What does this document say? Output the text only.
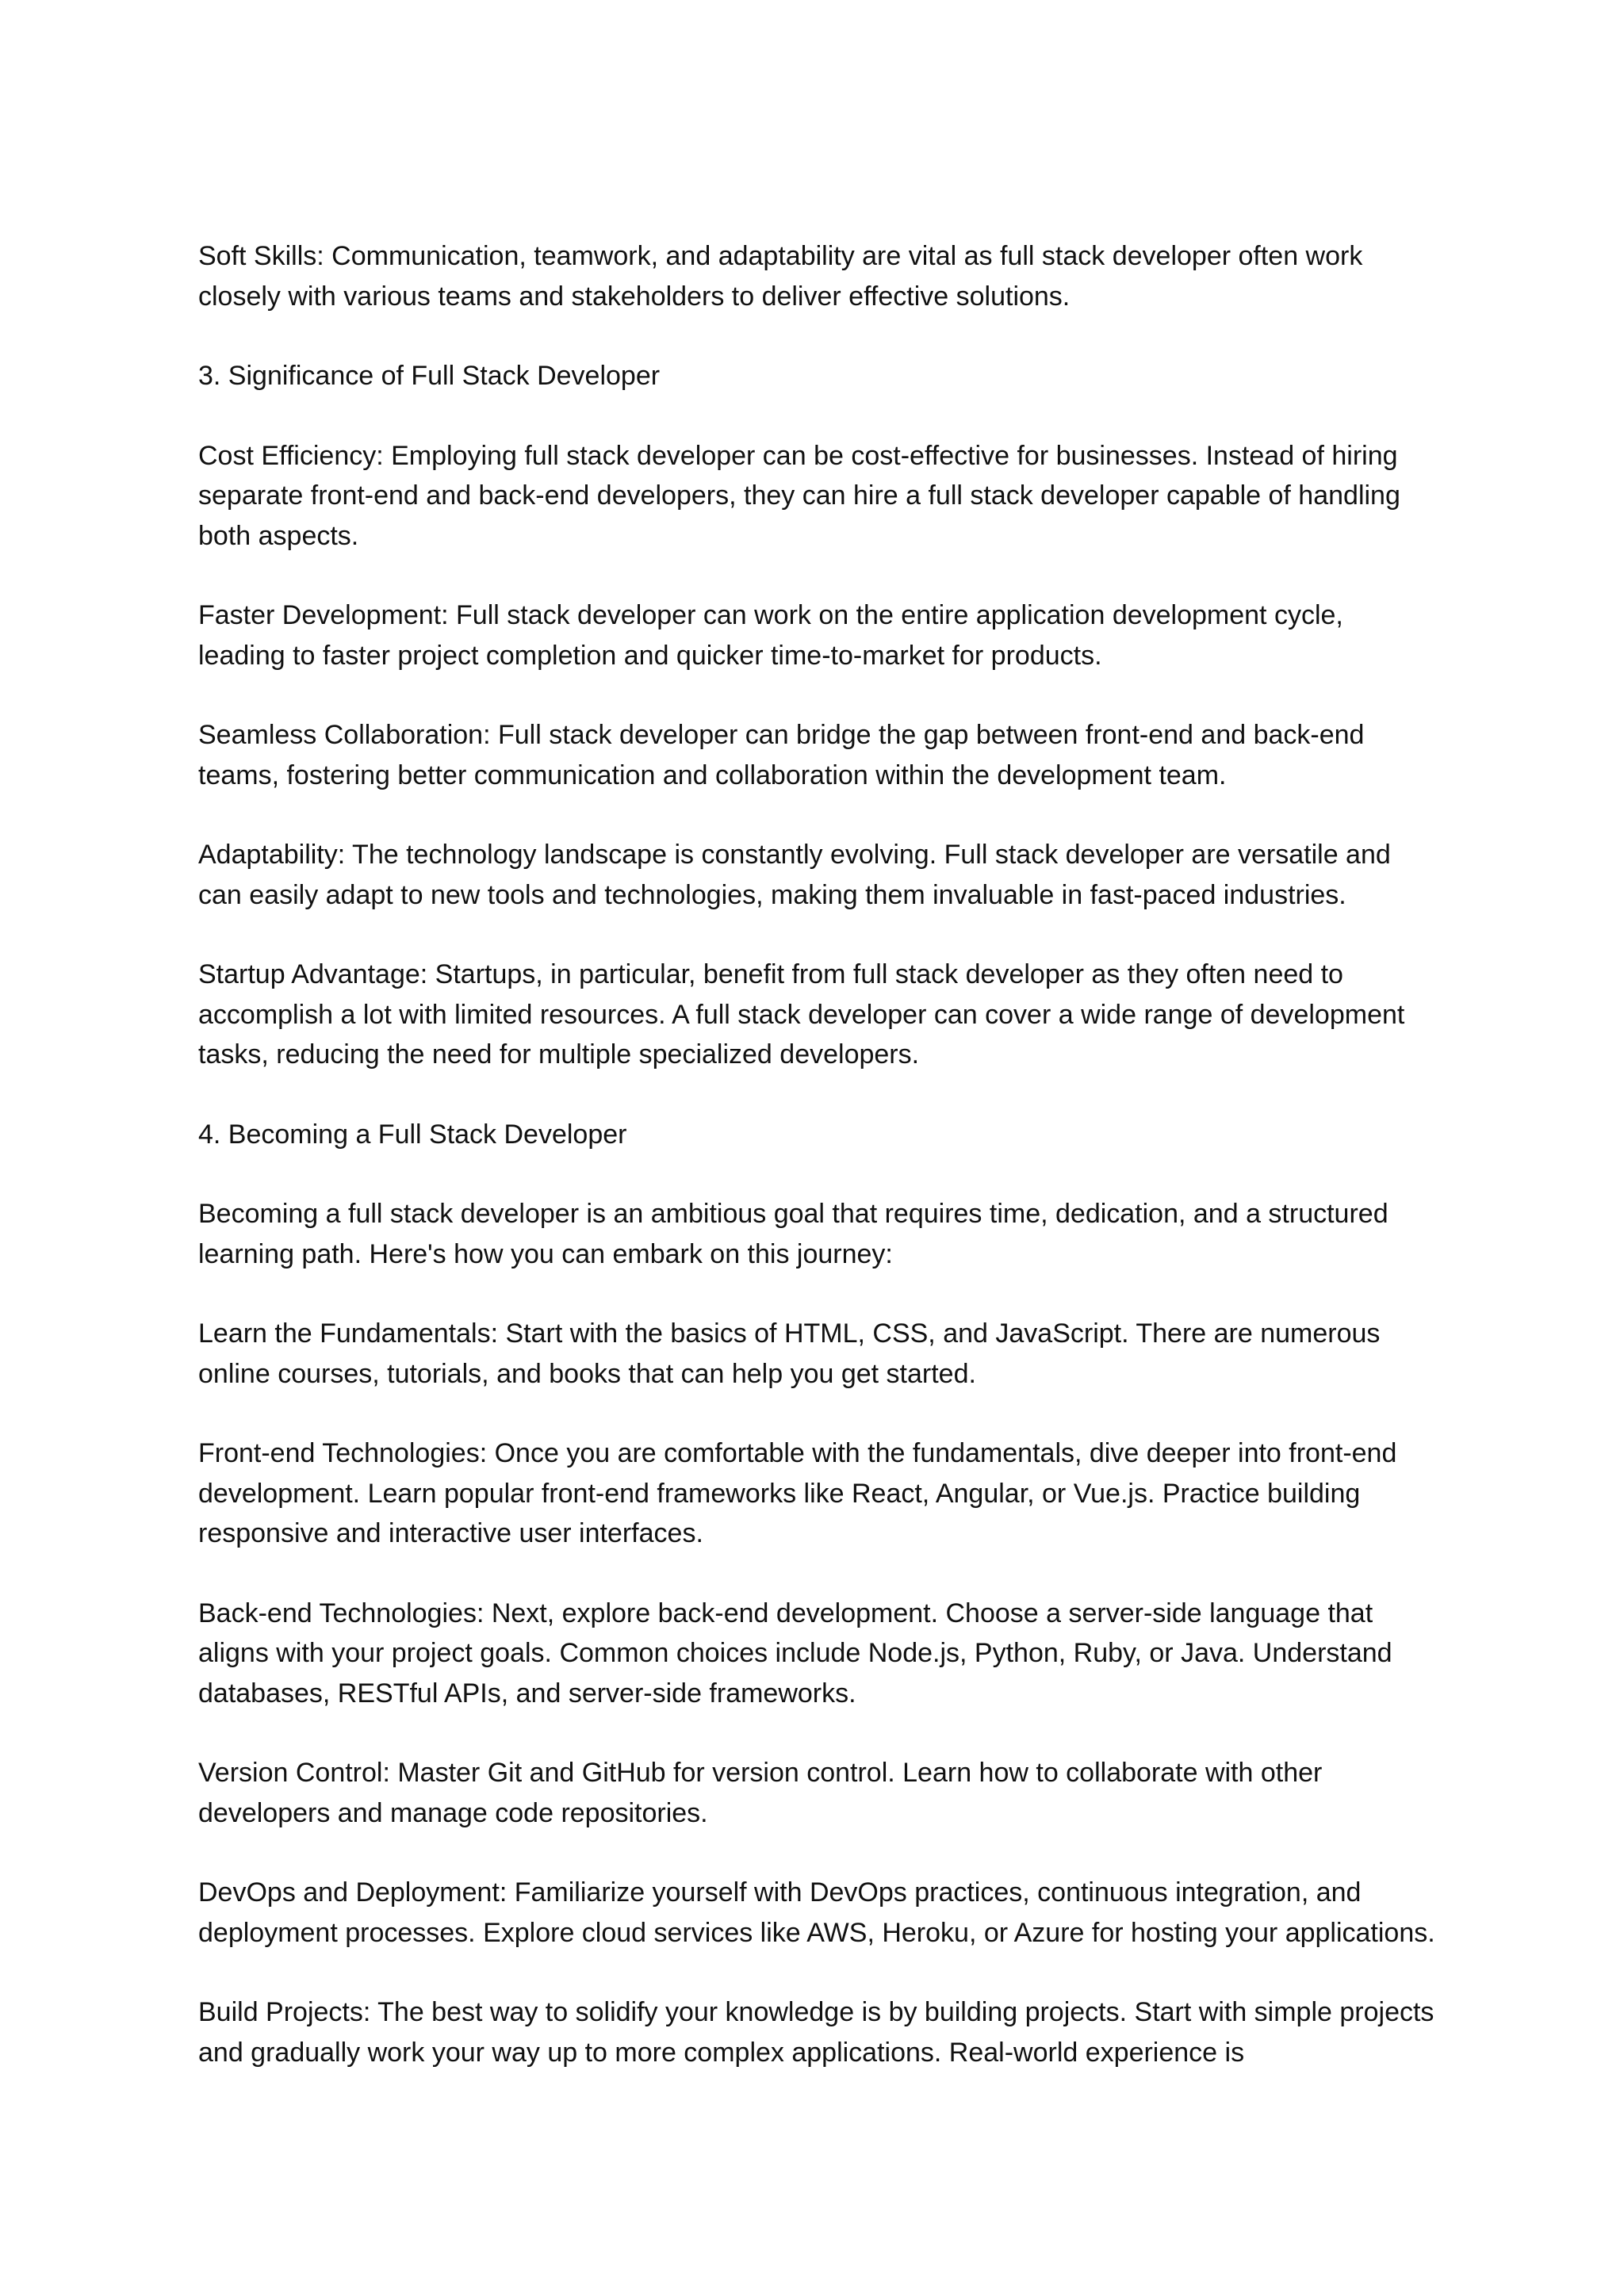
Soft Skills: Communication, teamwork, and adaptability are vital as full stack developer often work closely with various teams and stakeholders to deliver effective solutions.

3. Significance of Full Stack Developer

Cost Efficiency: Employing full stack developer can be cost-effective for businesses. Instead of hiring separate front-end and back-end developers, they can hire a full stack developer capable of handling both aspects.

Faster Development: Full stack developer can work on the entire application development cycle, leading to faster project completion and quicker time-to-market for products.

Seamless Collaboration: Full stack developer can bridge the gap between front-end and back-end teams, fostering better communication and collaboration within the development team.

Adaptability: The technology landscape is constantly evolving. Full stack developer are versatile and can easily adapt to new tools and technologies, making them invaluable in fast-paced industries.

Startup Advantage: Startups, in particular, benefit from full stack developer as they often need to accomplish a lot with limited resources. A full stack developer can cover a wide range of development tasks, reducing the need for multiple specialized developers.

4. Becoming a Full Stack Developer

Becoming a full stack developer is an ambitious goal that requires time, dedication, and a structured learning path. Here's how you can embark on this journey:

Learn the Fundamentals: Start with the basics of HTML, CSS, and JavaScript. There are numerous online courses, tutorials, and books that can help you get started.

Front-end Technologies: Once you are comfortable with the fundamentals, dive deeper into front-end development. Learn popular front-end frameworks like React, Angular, or Vue.js. Practice building responsive and interactive user interfaces.

Back-end Technologies: Next, explore back-end development. Choose a server-side language that aligns with your project goals. Common choices include Node.js, Python, Ruby, or Java. Understand databases, RESTful APIs, and server-side frameworks.

Version Control: Master Git and GitHub for version control. Learn how to collaborate with other developers and manage code repositories.

DevOps and Deployment: Familiarize yourself with DevOps practices, continuous integration, and deployment processes. Explore cloud services like AWS, Heroku, or Azure for hosting your applications.

Build Projects: The best way to solidify your knowledge is by building projects. Start with simple projects and gradually work your way up to more complex applications. Real-world experience is
